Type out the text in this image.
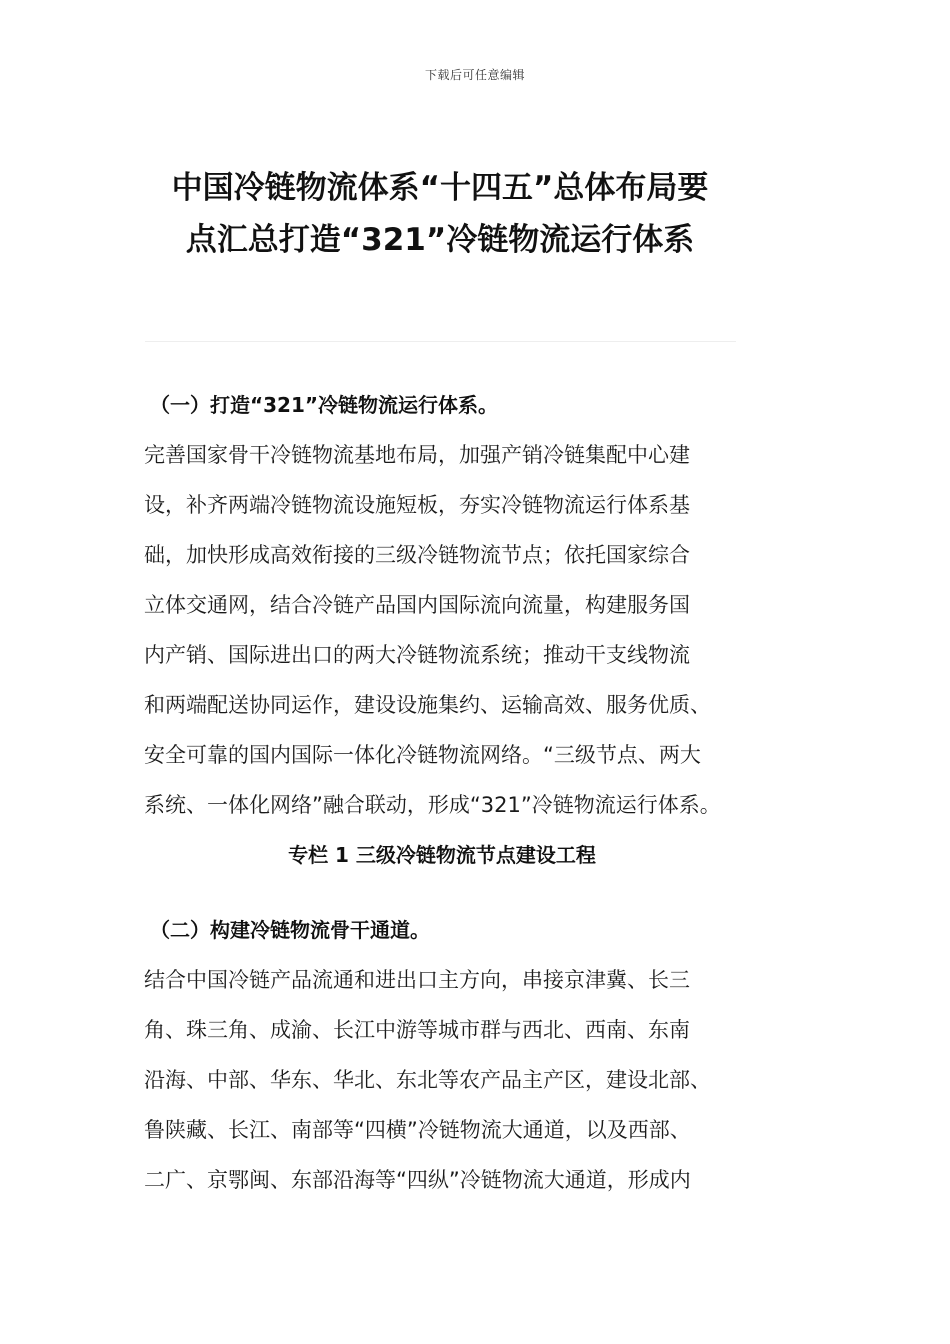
下载后可任意编辑
中国冷链物流体系“十四五”总体布局要
点汇总打造“321”冷链物流运行体系
（一）打造“321”冷链物流运行体系。
完善国家骨干冷链物流基地布局，加强产销冷链集配中心建
设，补齐两端冷链物流设施短板，夯实冷链物流运行体系基
础，加快形成高效衔接的三级冷链物流节点；依托国家综合
立体交通网，结合冷链产品国内国际流向流量，构建服务国
内产销、国际进出口的两大冷链物流系统；推动干支线物流
和两端配送协同运作，建设设施集约、运输高效、服务优质、
安全可靠的国内国际一体化冷链物流网络。“三级节点、两大
系统、一体化网络”融合联动，形成“321”冷链物流运行体系。
专栏 1 三级冷链物流节点建设工程
（二）构建冷链物流骨干通道。
结合中国冷链产品流通和进出口主方向，串接京津冀、长三
角、珠三角、成渝、长江中游等城市群与西北、西南、东南
沿海、中部、华东、华北、东北等农产品主产区，建设北部、
鲁陕藏、长江、南部等“四横”冷链物流大通道，以及西部、
二广、京鄂闽、东部沿海等“四纵”冷链物流大通道，形成内
